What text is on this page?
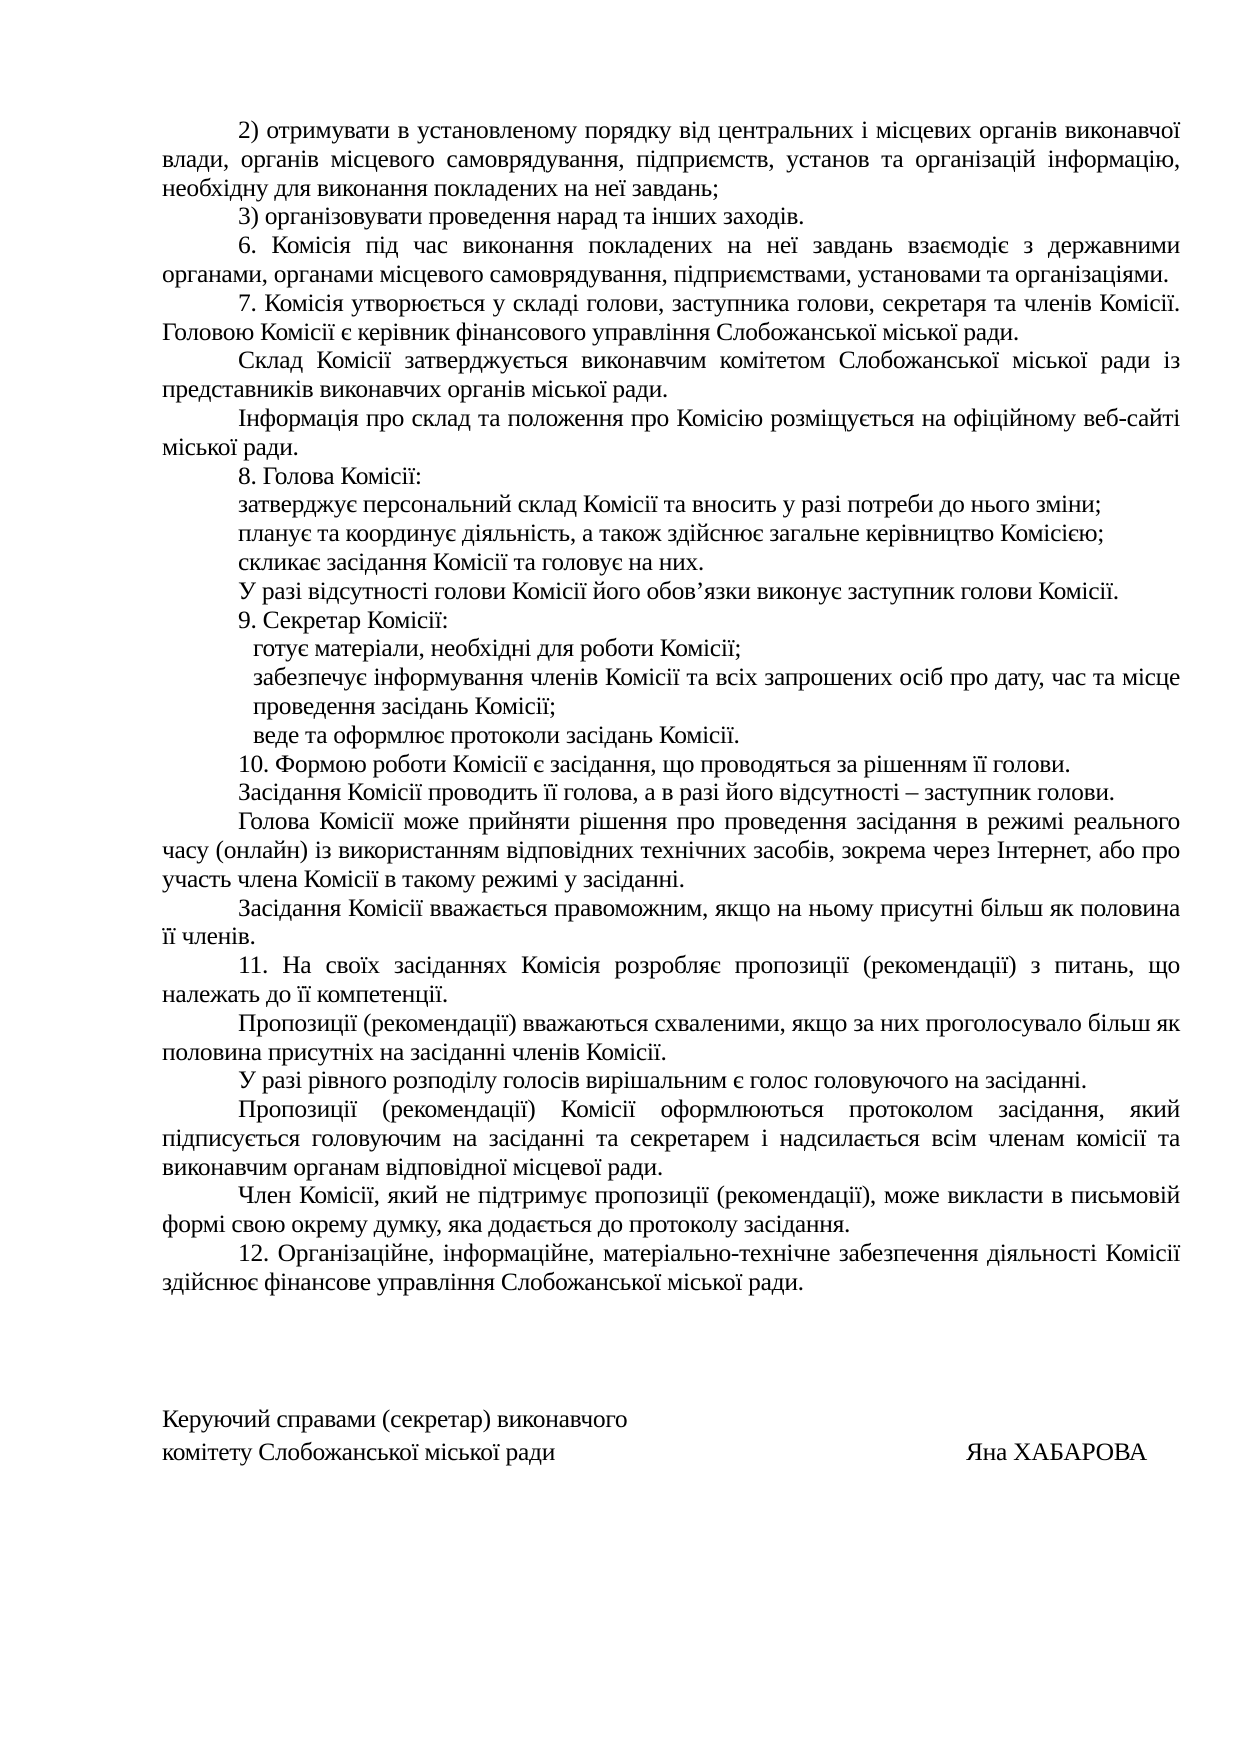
2) отримувати в установленому порядку від центральних і місцевих органів виконавчої влади, органів місцевого самоврядування, підприємств, установ та організацій інформацію, необхідну для виконання покладених на неї завдань;

3) організовувати проведення нарад та інших заходів.

6. Комісія під час виконання покладених на неї завдань взаємодіє з державними органами, органами місцевого самоврядування, підприємствами, установами та організаціями.

7. Комісія утворюється у складі голови, заступника голови, секретаря та членів Комісії. Головою Комісії є керівник фінансового управління Слобожанської міської ради.

Склад Комісії затверджується виконавчим комітетом Слобожанської міської ради із представників виконавчих органів міської ради.

Інформація про склад та положення про Комісію розміщується на офіційному веб-сайті міської ради.

8. Голова Комісії:

затверджує персональний склад Комісії та вносить у разі потреби до нього зміни;

планує та координує діяльність, а також здійснює загальне керівництво Комісією;

скликає засідання Комісії та головує на них.

У разі відсутності голови Комісії його обов’язки виконує заступник голови Комісії.

9. Секретар Комісії:

готує матеріали, необхідні для роботи Комісії;

забезпечує інформування членів Комісії та всіх запрошених осіб про дату, час та місце проведення засідань Комісії;

веде та оформлює протоколи засідань Комісії.

10. Формою роботи Комісії є засідання, що проводяться за рішенням її голови.

Засідання Комісії проводить її голова, а в разі його відсутності – заступник голови.

Голова Комісії може прийняти рішення про проведення засідання в режимі реального часу (онлайн) із використанням відповідних технічних засобів, зокрема через Інтернет, або про участь члена Комісії в такому режимі у засіданні.

Засідання Комісії вважається правоможним, якщо на ньому присутні більш як половина її членів.

11. На своїх засіданнях Комісія розробляє пропозиції (рекомендації) з питань, що належать до її компетенції.

Пропозиції (рекомендації) вважаються схваленими, якщо за них проголосувало більш як половина присутніх на засіданні членів Комісії.

У разі рівного розподілу голосів вирішальним є голос головуючого на засіданні.

Пропозиції (рекомендації) Комісії оформлюються протоколом засідання, який підписується головуючим на засіданні та секретарем і надсилається всім членам комісії та виконавчим органам відповідної місцевої ради.

Член Комісії, який не підтримує пропозиції (рекомендації), може викласти в письмовій формі свою окрему думку, яка додається до протоколу засідання.

12. Організаційне, інформаційне, матеріально-технічне забезпечення діяльності Комісії здійснює фінансове управління Слобожанської міської ради.

Керуючий справами (секретар) виконавчого
комітету Слобожанської міської ради	Яна ХАБАРОВА
